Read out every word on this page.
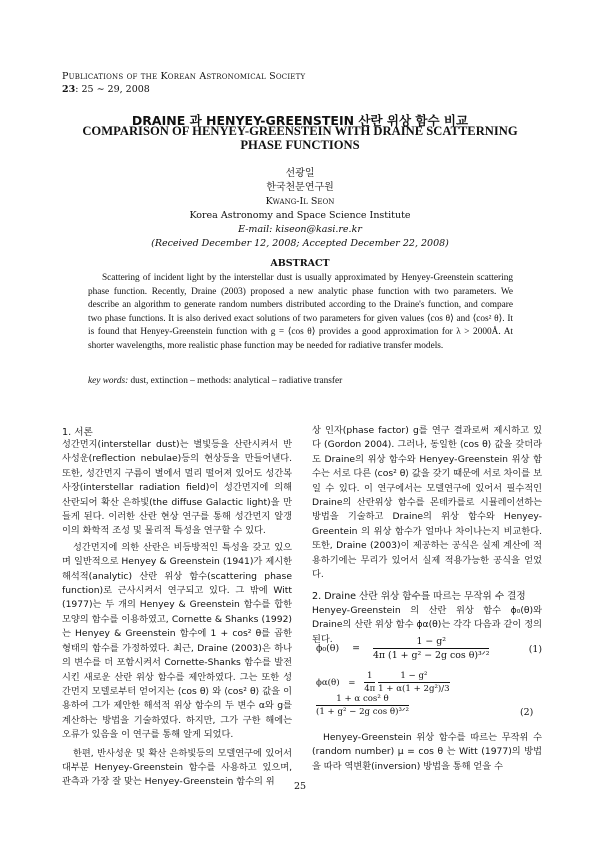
Publications of the Korean Astronomical Society
23: 25 ∼ 29, 2008
DRAINE 과 HENYEY-GREENSTEIN 산란 위상 함수 비교
COMPARISON OF HENYEY-GREENSTEIN WITH DRAINE SCATTERNING
PHASE FUNCTIONS
선광일
한국천문연구원
Kwang-Il Seon
Korea Astronomy and Space Science Institute
E-mail: kiseon@kasi.re.kr
(Received December 12, 2008; Accepted December 22, 2008)
ABSTRACT
Scattering of incident light by the interstellar dust is usually approximated by Henyey-Greenstein scattering phase function. Recently, Draine (2003) proposed a new analytic phase function with two parameters. We describe an algorithm to generate random numbers distributed according to the Draine's function, and compare two phase functions. It is also derived exact solutions of two parameters for given values ⟨cos θ⟩ and ⟨cos² θ⟩. It is found that Henyey-Greenstein function with g = ⟨cos θ⟩ provides a good approximation for λ > 2000Å. At shorter wavelengths, more realistic phase function may be needed for radiative transfer models.
key words: dust, extinction – methods: analytical – radiative transfer
1. 서론

성간먼지(interstellar dust)는 별빛등을 산란시켜서 반사성운(reflection nebulae)등의 현상등을 만들어낸다. 또한, 성간먼지 구름이 별에서 멀리 떨어져 있어도 성간복사장(interstellar radiation field)이 성간먼지에 의해 산란되어 확산 은하빛(the diffuse Galactic light)을 만들게 된다. 이러한 산란 현상 연구를 통해 성간먼지 알갱이의 화학적 조성 및 물리적 특성을 연구할 수 있다.

성간먼지에 의한 산란은 비등방적인 특성을 갖고 있으며 일반적으로 Henyey & Greenstein (1941)가 제시한 해석적(analytic) 산란 위상 함수(scattering phase function)로 근사시켜서 연구되고 있다. 그 밖에 Witt (1977)는 두 개의 Henyey & Greenstein 함수를 합한 모양의 함수를 이용하였고, Cornette & Shanks (1992)는 Henyey & Greenstein 함수에 1 + cos² θ를 곱한 형태의 함수를 가정하였다. 최근, Draine (2003)은 하나의 변수를 더 포함시켜서 Cornette-Shanks 함수를 발전시킨 새로운 산란 위상 함수를 제안하였다. 그는 또한 성간먼지 모델로부터 얻어지는 ⟨cos θ⟩ 와 ⟨cos² θ⟩ 값을 이용하여 그가 제안한 해석적 위상 함수의 두 변수 α와 g를 계산하는 방법을 기술하였다. 하지만, 그가 구한 해에는 오류가 있음을 이 연구를 통해 알게 되었다.

한편, 반사성운 및 확산 은하빛등의 모델연구에 있어서 대부분 Henyey-Greenstein 함수를 사용하고 있으며, 관측과 가장 잘 맞는 Henyey-Greenstein 함수의 위

상 인자(phase factor) g를 연구 결과로써 제시하고 있다 (Gordon 2004). 그러나, 동일한 ⟨cos θ⟩ 값을 갖더라도 Draine의 위상 함수와 Henyey-Greenstein 위상 함수는 서로 다른 ⟨cos² θ⟩ 값을 갖기 때문에 서로 차이를 보일 수 있다. 이 연구에서는 모델연구에 있어서 필수적인 Draine의 산란위상 함수를 몬테카를로 시뮬레이션하는 방법을 기술하고 Draine의 위상 함수와 Henyey-Greentein 의 위상 함수가 얼마나 차이나는지 비교한다. 또한, Draine (2003)이 제공하는 공식은 실제 계산에 적용하기에는 무리가 있어서 실제 적용가능한 공식을 얻었다.

2. Draine 산란 위상 함수를 따르는 무작위 수 결정

Henyey-Greenstein 의 산란 위상 함수 ϕ₀(θ)와 Draine의 산란 위상 함수 ϕα(θ)는 각각 다음과 같이 정의된다.

$\phi_0(\theta) = \frac{\text{1 − g²}}{\text{4π (1 + g² − 2g cos θ)³ᐟ²}}$	(1)
$\phi\alpha(\theta) = \frac{1}{4\pi}$
$\frac{\text{1 − g²}}{\text{1 + α(1 + 2g²)/3}}$

$\frac{\text{1 + α cos² θ}}{\text{(1 + g² − 2g cos θ)³ᐟ²}}$	(2)

Henyey-Greenstein 위상 함수를 따르는 무작위 수 (random number) μ = cos θ 는 Witt (1977)의 방법을 따라 역변환(inversion) 방법을 통해 얻을 수

25
